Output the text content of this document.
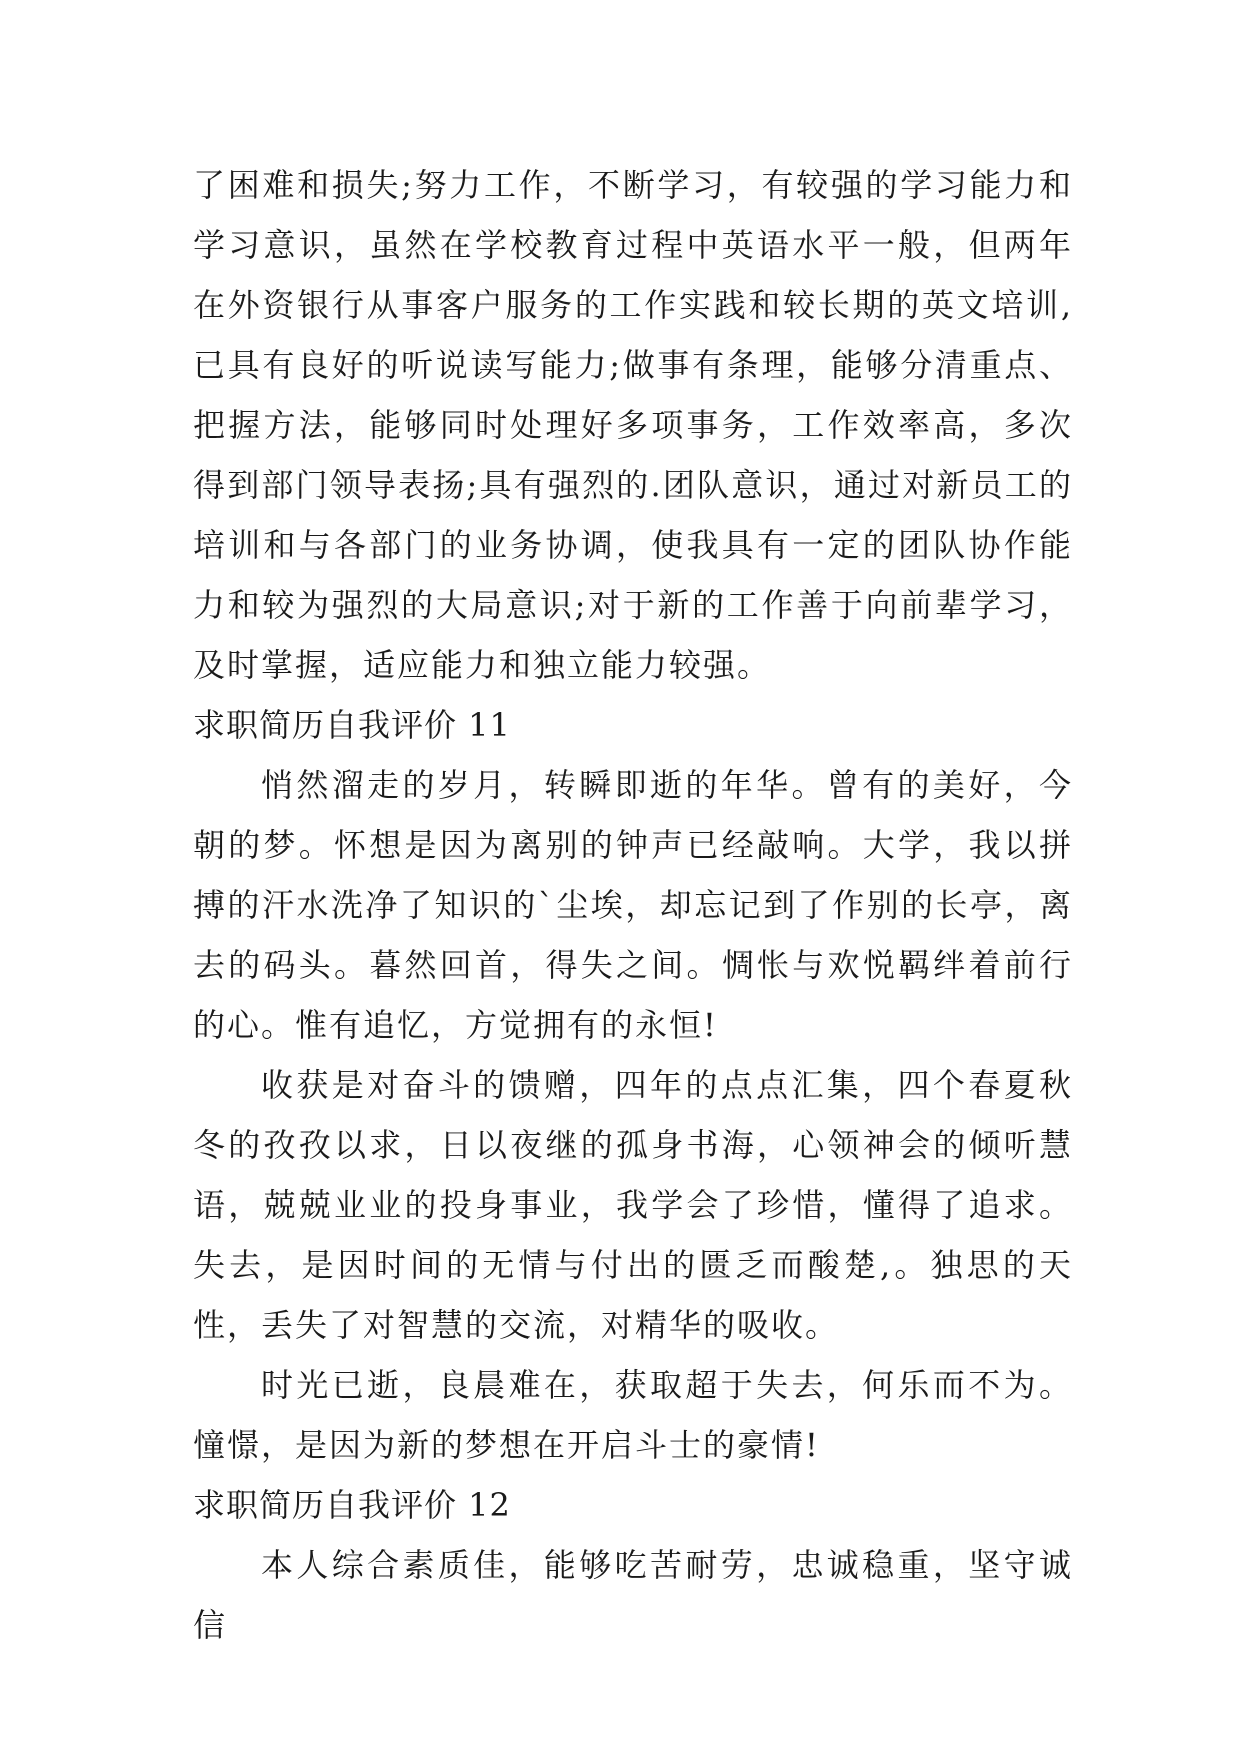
了困难和损失;努力工作，不断学习，有较强的学习能力和学习意识，虽然在学校教育过程中英语水平一般，但两年在外资银行从事客户服务的工作实践和较长期的英文培训,已具有良好的听说读写能力;做事有条理，能够分清重点、把握方法，能够同时处理好多项事务，工作效率高，多次得到部门领导表扬;具有强烈的.团队意识，通过对新员工的培训和与各部门的业务协调，使我具有一定的团队协作能力和较为强烈的大局意识;对于新的工作善于向前辈学习，及时掌握，适应能力和独立能力较强。

求职简历自我评价 11

悄然溜走的岁月，转瞬即逝的年华。曾有的美好，今朝的梦。怀想是因为离别的钟声已经敲响。大学，我以拼搏的汗水洗净了知识的`尘埃，却忘记到了作别的长亭，离去的码头。暮然回首，得失之间。惆怅与欢悦羁绊着前行的心。惟有追忆，方觉拥有的永恒!

收获是对奋斗的馈赠，四年的点点汇集，四个春夏秋冬的孜孜以求，日以夜继的孤身书海，心领神会的倾听慧语，兢兢业业的投身事业，我学会了珍惜，懂得了追求。失去，是因时间的无情与付出的匮乏而酸楚,。独思的天性，丢失了对智慧的交流，对精华的吸收。

时光已逝，良晨难在，获取超于失去，何乐而不为。憧憬，是因为新的梦想在开启斗士的豪情!

求职简历自我评价 12

本人综合素质佳，能够吃苦耐劳，忠诚稳重，坚守诚信
